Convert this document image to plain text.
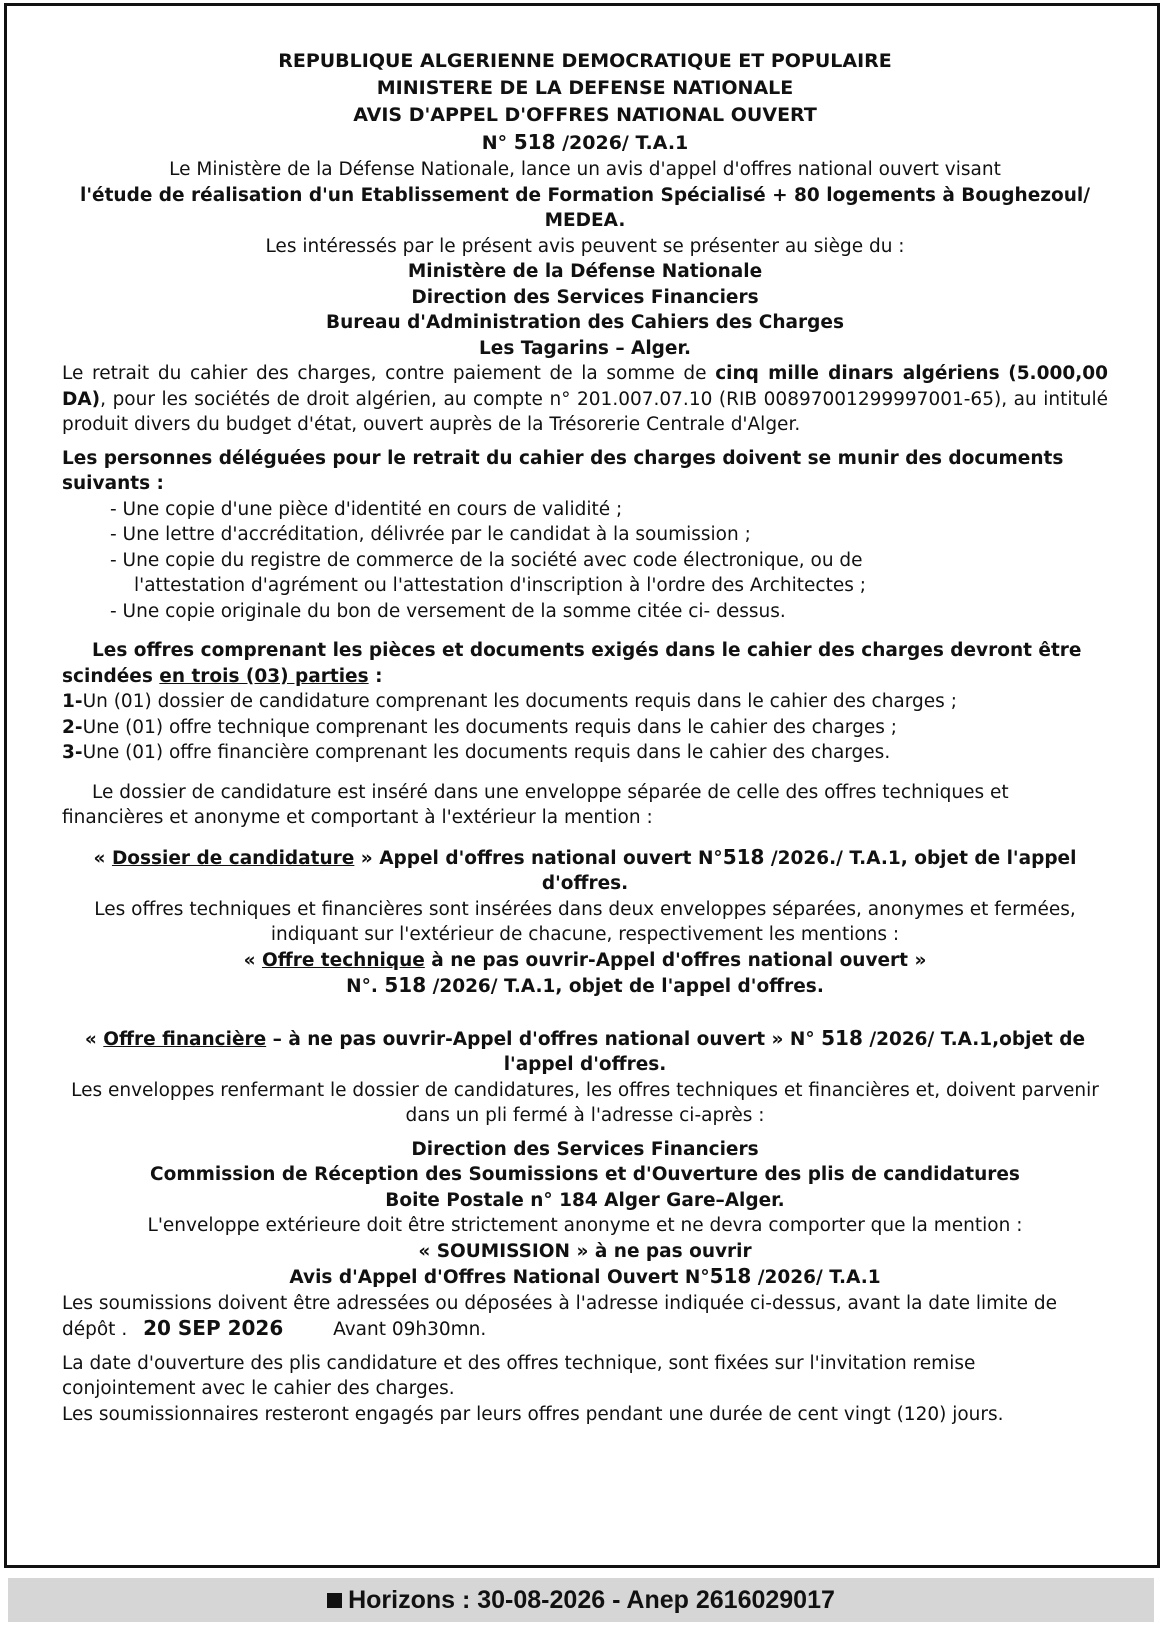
REPUBLIQUE ALGERIENNE DEMOCRATIQUE ET POPULAIRE

MINISTERE DE LA DEFENSE NATIONALE

AVIS D'APPEL D'OFFRES NATIONAL OUVERT

N° 518 /2026/ T.A.1

Le Ministère de la Défense Nationale, lance un avis d'appel d'offres national ouvert visant

l'étude de réalisation d'un Etablissement de Formation Spécialisé + 80 logements à Boughezoul/ MEDEA.

Les intéressés par le présent avis peuvent se présenter au siège du :

Ministère de la Défense Nationale

Direction des Services Financiers

Bureau d'Administration des Cahiers des Charges

Les Tagarins – Alger.

Le retrait du cahier des charges, contre paiement de la somme de cinq mille dinars algériens (5.000,00 DA), pour les sociétés de droit algérien, au compte n° 201.007.07.10 (RIB 00897001299997001-65), au intitulé produit divers du budget d'état, ouvert auprès de la Trésorerie Centrale d'Alger.

Les personnes déléguées pour le retrait du cahier des charges doivent se munir des documents suivants :

- Une copie d'une pièce d'identité en cours de validité ;

- Une lettre d'accréditation, délivrée par le candidat à la soumission ;

- Une copie du registre de commerce de la société avec code électronique, ou de

l'attestation d'agrément ou l'attestation d'inscription à l'ordre des Architectes ;

- Une copie originale du bon de versement de la somme citée ci- dessus.

Les offres comprenant les pièces et documents exigés dans le cahier des charges devront être

scindées en trois (03) parties :

1-Un (01) dossier de candidature comprenant les documents requis dans le cahier des charges ;

2-Une (01) offre technique comprenant les documents requis dans le cahier des charges ;

3-Une (01) offre financière comprenant les documents requis dans le cahier des charges.

Le dossier de candidature est inséré dans une enveloppe séparée de celle des offres techniques et financières et anonyme et comportant à l'extérieur la mention :

« Dossier de candidature » Appel d'offres national ouvert N°518 /2026./ T.A.1, objet de l'appel d'offres.

Les offres techniques et financières sont insérées dans deux enveloppes séparées, anonymes et fermées, indiquant sur l'extérieur de chacune, respectivement les mentions :

« Offre technique à ne pas ouvrir-Appel d'offres national ouvert »

N°. 518 /2026/ T.A.1, objet de l'appel d'offres.

« Offre financière – à ne pas ouvrir-Appel d'offres national ouvert » N° 518 /2026/ T.A.1,objet de l'appel d'offres.

Les enveloppes renfermant le dossier de candidatures, les offres techniques et financières et, doivent parvenir dans un pli fermé à l'adresse ci-après :

Direction des Services Financiers

Commission de Réception des Soumissions et d'Ouverture des plis de candidatures

Boite Postale n° 184 Alger Gare–Alger.

L'enveloppe extérieure doit être strictement anonyme et ne devra comporter que la mention :

« SOUMISSION » à ne pas ouvrir

Avis d'Appel d'Offres National Ouvert N°518 /2026/ T.A.1

Les soumissions doivent être adressées ou déposées à l'adresse indiquée ci-dessus, avant la date limite de dépôt . 20 SEP 2026	Avant 09h30mn.

La date d'ouverture des plis candidature et des offres technique, sont fixées sur l'invitation remise conjointement avec le cahier des charges.

Les soumissionnaires resteront engagés par leurs offres pendant une durée de cent vingt (120) jours.

Horizons : 30-08-2026 - Anep 2616029017
